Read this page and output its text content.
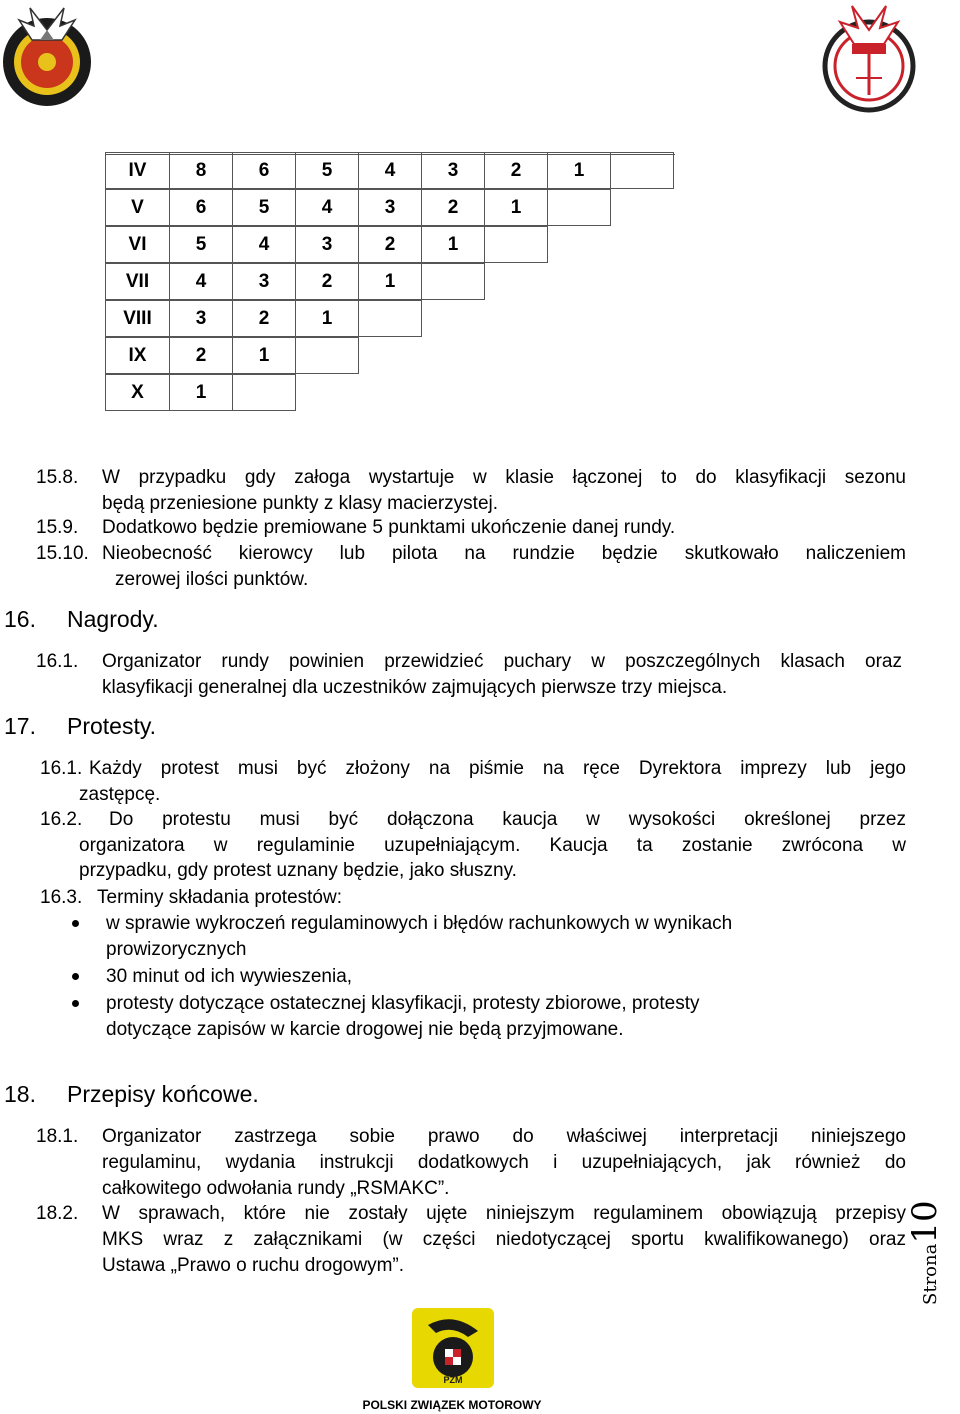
IV	8	6	5	4	3	2	1
V	6	5	4	3	2	1
VI	5	4	3	2	1
VII	4	3	2	1
VIII	3	2	1
IX	2	1
X	1
15.8. W przypadku gdy załoga wystartuje w klasie łączonej to do klasyfikacji sezonu
będą przeniesione punkty z klasy macierzystej.
15.9. Dodatkowo będzie premiowane 5 punktami ukończenie danej rundy.
15.10. Nieobecność kierowcy lub pilota na rundzie będzie skutkowało naliczeniem
zerowej ilości punktów.
16. Nagrody.
16.1. Organizator rundy powinien przewidzieć puchary w poszczególnych klasach oraz
klasyfikacji generalnej dla uczestników zajmujących pierwsze trzy miejsca.
17. Protesty.
16.1. Każdy protest musi być złożony na piśmie na ręce Dyrektora imprezy lub jego
zastępcę.
16.2. Do protestu musi być dołączona kaucja w wysokości określonej przez
organizatora w regulaminie uzupełniającym. Kaucja ta zostanie zwrócona w
przypadku, gdy protest uznany będzie, jako słuszny.
16.3. Terminy składania protestów:
w sprawie wykroczeń regulaminowych i błędów rachunkowych w wynikach
prowizorycznych
30 minut od ich wywieszenia,
protesty dotyczące ostatecznej klasyfikacji, protesty zbiorowe, protesty
dotyczące zapisów w karcie drogowej nie będą przyjmowane.
18. Przepisy końcowe.
18.1. Organizator zastrzega sobie prawo do właściwej interpretacji niniejszego
regulaminu, wydania instrukcji dodatkowych i uzupełniających, jak również do
całkowitego odwołania rundy „RSMAKC”.
18.2. W sprawach, które nie zostały ujęte niniejszym regulaminem obowiązują przepisy
MKS wraz z załącznikami (w części niedotyczącej sportu kwalifikowanego) oraz
Ustawa „Prawo o ruchu drogowym”.	Strona10
PZM
POLSKI ZWIĄZEK MOTOROWY
